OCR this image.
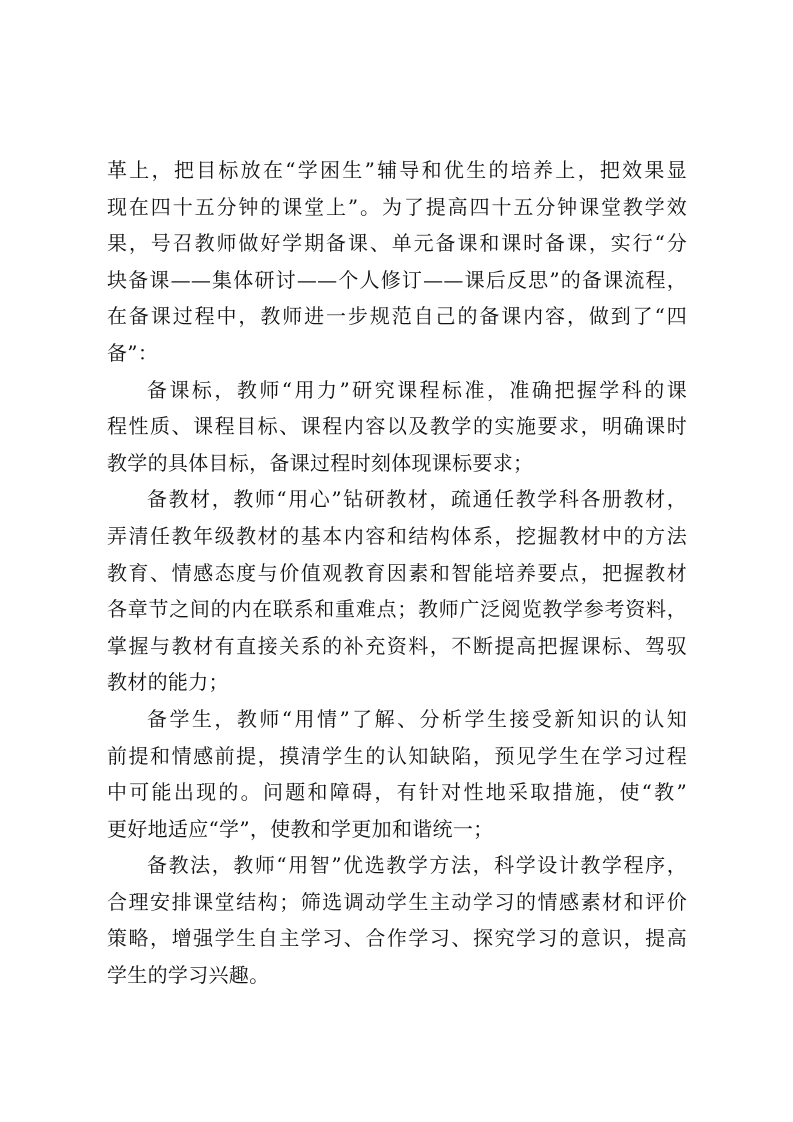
革上，把目标放在“学困生”辅导和优生的培养上，把效果显
现在四十五分钟的课堂上”。为了提高四十五分钟课堂教学效
果，号召教师做好学期备课、单元备课和课时备课，实行“分
块备课——集体研讨——个人修订——课后反思”的备课流程，
在备课过程中，教师进一步规范自己的备课内容，做到了“四
备”：
备课标，教师“用力”研究课程标准，准确把握学科的课
程性质、课程目标、课程内容以及教学的实施要求，明确课时
教学的具体目标，备课过程时刻体现课标要求；
备教材，教师“用心”钻研教材，疏通任教学科各册教材，
弄清任教年级教材的基本内容和结构体系，挖掘教材中的方法
教育、情感态度与价值观教育因素和智能培养要点，把握教材
各章节之间的内在联系和重难点；教师广泛阅览教学参考资料，
掌握与教材有直接关系的补充资料，不断提高把握课标、驾驭
教材的能力；
备学生，教师“用情”了解、分析学生接受新知识的认知
前提和情感前提，摸清学生的认知缺陷，预见学生在学习过程
中可能出现的。问题和障碍，有针对性地采取措施，使“教”
更好地适应“学”，使教和学更加和谐统一；
备教法，教师“用智”优选教学方法，科学设计教学程序，
合理安排课堂结构；筛选调动学生主动学习的情感素材和评价
策略，增强学生自主学习、合作学习、探究学习的意识，提高
学生的学习兴趣。
